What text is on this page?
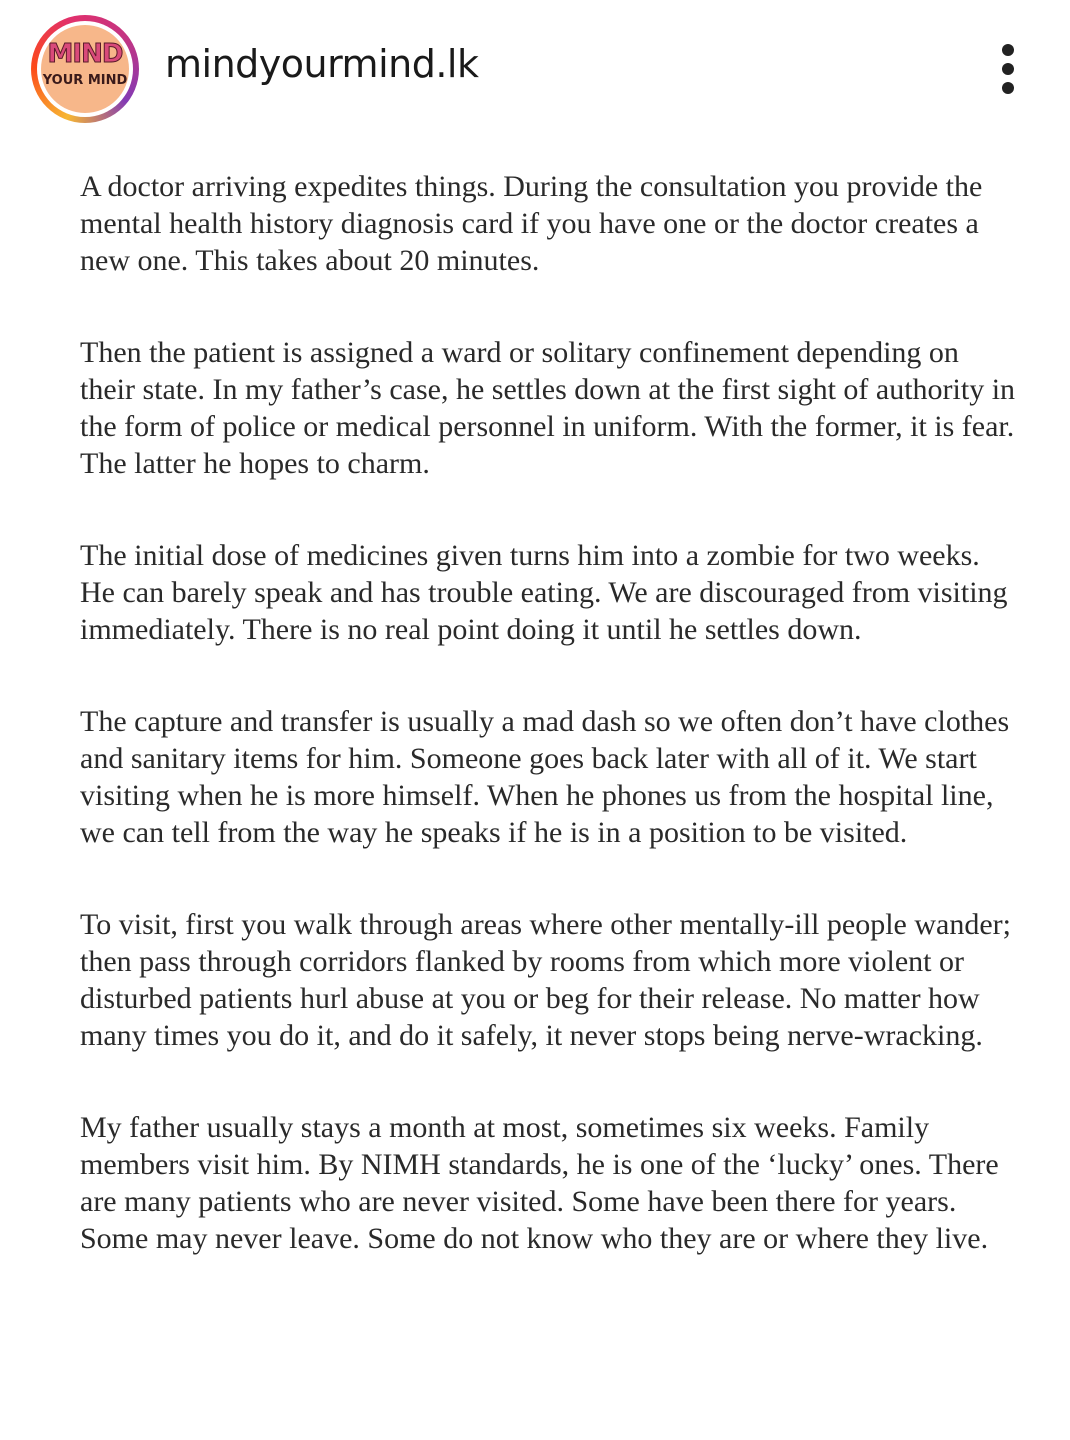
MIND
YOUR MIND mindyourmind.lk

A doctor arriving expedites things. During the consultation you provide the mental health history diagnosis card if you have one or the doctor creates a new one. This takes about 20 minutes.

Then the patient is assigned a ward or solitary confinement depending on their state. In my father’s case, he settles down at the first sight of authority in the form of police or medical personnel in uniform. With the former, it is fear. The latter he hopes to charm.

The initial dose of medicines given turns him into a zombie for two weeks. He can barely speak and has trouble eating. We are discouraged from visiting immediately. There is no real point doing it until he settles down.

The capture and transfer is usually a mad dash so we often don’t have clothes and sanitary items for him. Someone goes back later with all of it. We start visiting when he is more himself. When he phones us from the hospital line, we can tell from the way he speaks if he is in a position to be visited.

To visit, first you walk through areas where other mentally-ill people wander; then pass through corridors flanked by rooms from which more violent or disturbed patients hurl abuse at you or beg for their release. No matter how many times you do it, and do it safely, it never stops being nerve-wracking.

My father usually stays a month at most, sometimes six weeks. Family members visit him. By NIMH standards, he is one of the ‘lucky’ ones. There are many patients who are never visited. Some have been there for years. Some may never leave. Some do not know who they are or where they live.
